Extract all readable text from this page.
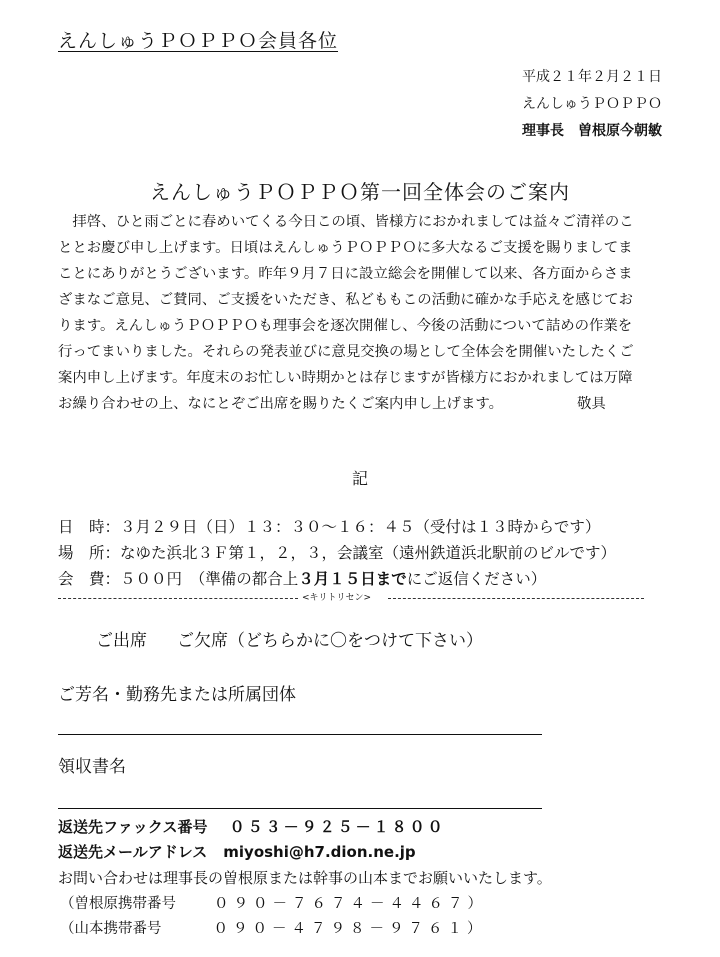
えんしゅうＰＯＰＰＯ会員各位
平成２１年２月２１日
えんしゅうＰＯＰＰＯ
理事長　曽根原今朝敏
えんしゅうＰＯＰＰＯ第一回全体会のご案内
　拝啓、ひと雨ごとに春めいてくる今日この頃、皆様方におかれましては益々ご清祥のこ
ととお慶び申し上げます。日頃はえんしゅうＰＯＰＰＯに多大なるご支援を賜りましてま
ことにありがとうございます。昨年９月７日に設立総会を開催して以来、各方面からさま
ざまなご意見、ご賛同、ご支援をいただき、私どももこの活動に確かな手応えを感じてお
ります。えんしゅうＰＯＰＰＯも理事会を逐次開催し、今後の活動について詰めの作業を
行ってまいりました。それらの発表並びに意見交換の場として全体会を開催いたしたくご
案内申し上げます。年度末のお忙しい時期かとは存じますが皆様方におかれましては万障
お繰り合わせの上、なにとぞご出席を賜りたくご案内申し上げます。	敬具
記
日　時：３月２９日（日）１３：３０～１６：４５（受付は１３時からです）
場　所：なゆた浜北３Ｆ第１，２，３，会議室（遠州鉄道浜北駅前のビルです）
会　費：５００円　（準備の都合上３月１５日までにご返信ください）
<キリトリセン>
ご出席 ご欠席（どちらかに〇をつけて下さい）
ご芳名・勤務先または所属団体
領収書名
返送先ファックス番号 ０５３－９２５－１８００
返送先メールアドレス miyoshi@h7.dion.ne.jp
お問い合わせは理事長の曽根原または幹事の山本までお願いいたします。
（曽根原携帯番号	０９０－７６７４－４４６７）
（山本携帯番号	０９０－４７９８－９７６１）
